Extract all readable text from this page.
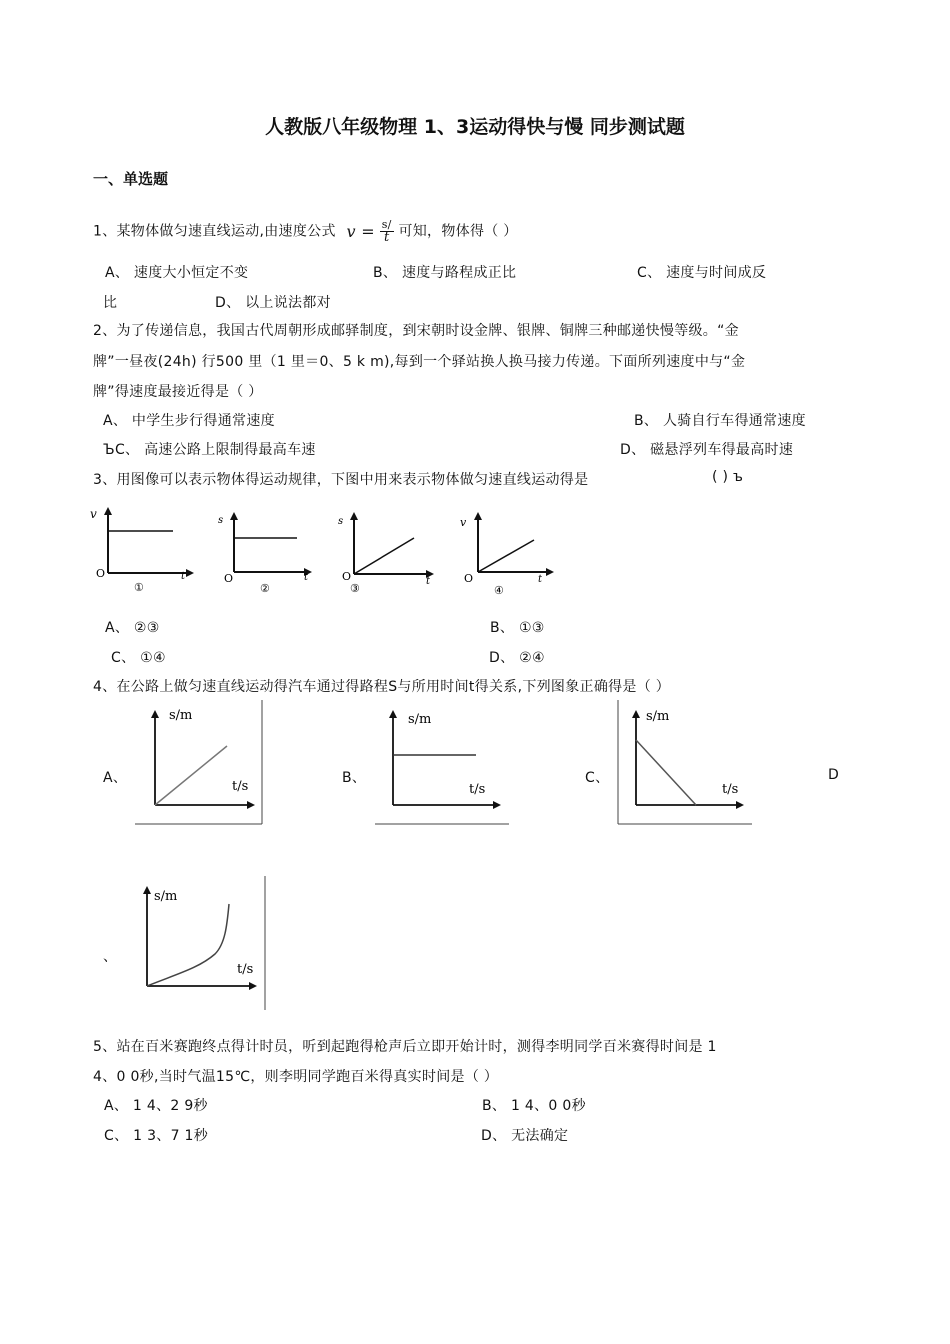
人教版八年级物理 1、3运动得快与慢 同步测试题
一、单选题
1、某物体做匀速直线运动,由速度公式 $v = \frac{s/}{t}$ 可知，物体得（ ）
A、 速度大小恒定不变	B、 速度与路程成正比	C、 速度与时间成反
比	D、 以上说法都对
2、为了传递信息，我国古代周朝形成邮驿制度，到宋朝时设金牌、银牌、铜牌三种邮递快慢等级。“金
牌”一昼夜(24h) 行500 里（1 里＝0、5 k m),每到一个驿站换人换马接力传递。下面所列速度中与“金
牌”得速度最接近得是（ ）
A、 中学生步行得通常速度	B、 人骑自行车得通常速度
ЪC、 高速公路上限制得最高车速	D、 磁悬浮列车得最高时速
3、用图像可以表示物体得运动规律，下图中用来表示物体做匀速直线运动得是	( ) ъ
v
O	t
①
s
O	t
②
s
O	t
③
v
O	t
④
A、 ②③	B、 ①③
C、 ①④	D、 ②④
4、在公路上做匀速直线运动得汽车通过得路程S与所用时间t得关系,下列图象正确得是（ ）
A、	B、	C、	D
、
s/m
t/s
s/m
t/s
s/m
t/s
s/m
t/s
5、站在百米赛跑终点得计时员，听到起跑得枪声后立即开始计时，测得李明同学百米赛得时间是 1
4、0 0秒,当时气温15℃，则李明同学跑百米得真实时间是（ ）
A、 1 4、2 9秒	B、 1 4、0 0秒
C、 1 3、7 1秒	D、 无法确定
